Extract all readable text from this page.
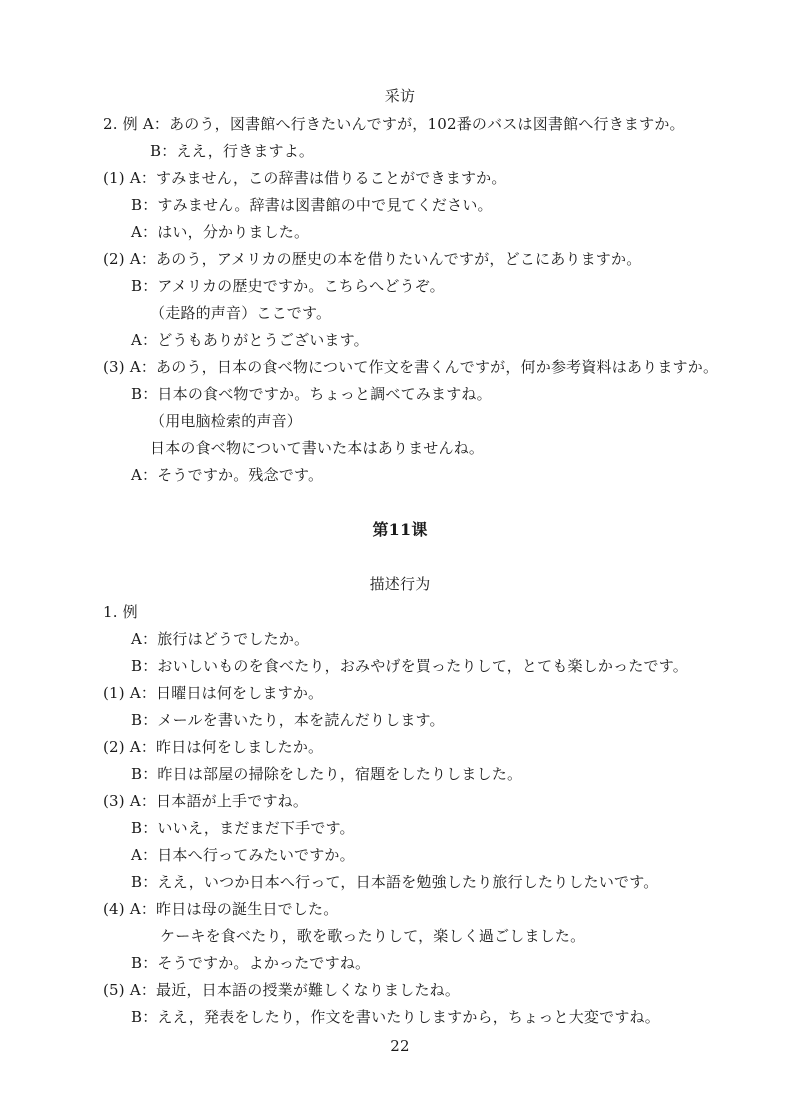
采访
2. 例 A：あのう，図書館へ行きたいんですが，102番のバスは図書館へ行きますか。
B：ええ，行きますよ。
(1) A：すみません，この辞書は借りることができますか。
B：すみません。辞書は図書館の中で見てください。
A：はい，分かりました。
(2) A：あのう，アメリカの歴史の本を借りたいんですが，どこにありますか。
B：アメリカの歴史ですか。こちらへどうぞ。
（走路的声音）ここです。
A：どうもありがとうございます。
(3) A：あのう，日本の食べ物について作文を書くんですが，何か参考資料はありますか。
B：日本の食べ物ですか。ちょっと調べてみますね。
（用电脑检索的声音）
日本の食べ物について書いた本はありませんね。
A：そうですか。残念です。
第11课
描述行为
1. 例
A：旅行はどうでしたか。
B：おいしいものを食べたり，おみやげを買ったりして，とても楽しかったです。
(1) A：日曜日は何をしますか。
B：メールを書いたり，本を読んだりします。
(2) A：昨日は何をしましたか。
B：昨日は部屋の掃除をしたり，宿題をしたりしました。
(3) A：日本語が上手ですね。
B：いいえ，まだまだ下手です。
A：日本へ行ってみたいですか。
B：ええ，いつか日本へ行って，日本語を勉強したり旅行したりしたいです。
(4) A：昨日は母の誕生日でした。
ケーキを食べたり，歌を歌ったりして，楽しく過ごしました。
B：そうですか。よかったですね。
(5) A：最近，日本語の授業が難しくなりましたね。
B：ええ，発表をしたり，作文を書いたりしますから，ちょっと大変ですね。
22
